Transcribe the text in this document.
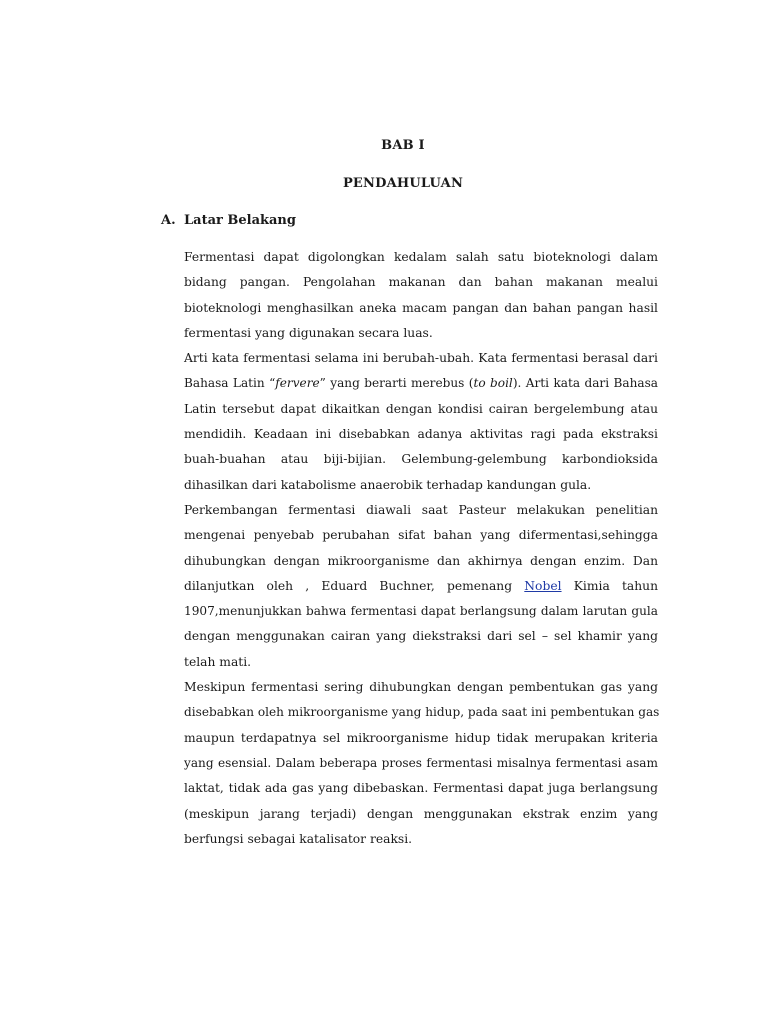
BAB I
PENDAHULUAN
A. Latar Belakang

Fermentasi dapat digolongkan kedalam salah satu bioteknologi dalam
bidang pangan. Pengolahan makanan dan bahan makanan mealui
bioteknologi menghasilkan aneka macam pangan dan bahan pangan hasil
fermentasi yang digunakan secara luas.

Arti kata fermentasi selama ini berubah-ubah. Kata fermentasi berasal dari
Bahasa Latin “fervere” yang berarti merebus (to boil). Arti kata dari Bahasa
Latin tersebut dapat dikaitkan dengan kondisi cairan bergelembung atau
mendidih. Keadaan ini disebabkan adanya aktivitas ragi pada ekstraksi
buah-buahan atau biji-bijian. Gelembung-gelembung karbondioksida
dihasilkan dari katabolisme anaerobik terhadap kandungan gula.

Perkembangan fermentasi diawali saat Pasteur melakukan penelitian
mengenai penyebab perubahan sifat bahan yang difermentasi,sehingga
dihubungkan dengan mikroorganisme dan akhirnya dengan enzim. Dan
dilanjutkan oleh , Eduard Buchner, pemenang Nobel Kimia tahun
1907,menunjukkan bahwa fermentasi dapat berlangsung dalam larutan gula
dengan menggunakan cairan yang diekstraksi dari sel – sel khamir yang
telah mati.

Meskipun fermentasi sering dihubungkan dengan pembentukan gas yang
disebabkan oleh mikroorganisme yang hidup, pada saat ini pembentukan gas
maupun terdapatnya sel mikroorganisme hidup tidak merupakan kriteria
yang esensial. Dalam beberapa proses fermentasi misalnya fermentasi asam
laktat, tidak ada gas yang dibebaskan. Fermentasi dapat juga berlangsung
(meskipun jarang terjadi) dengan menggunakan ekstrak enzim yang
berfungsi sebagai katalisator reaksi.
